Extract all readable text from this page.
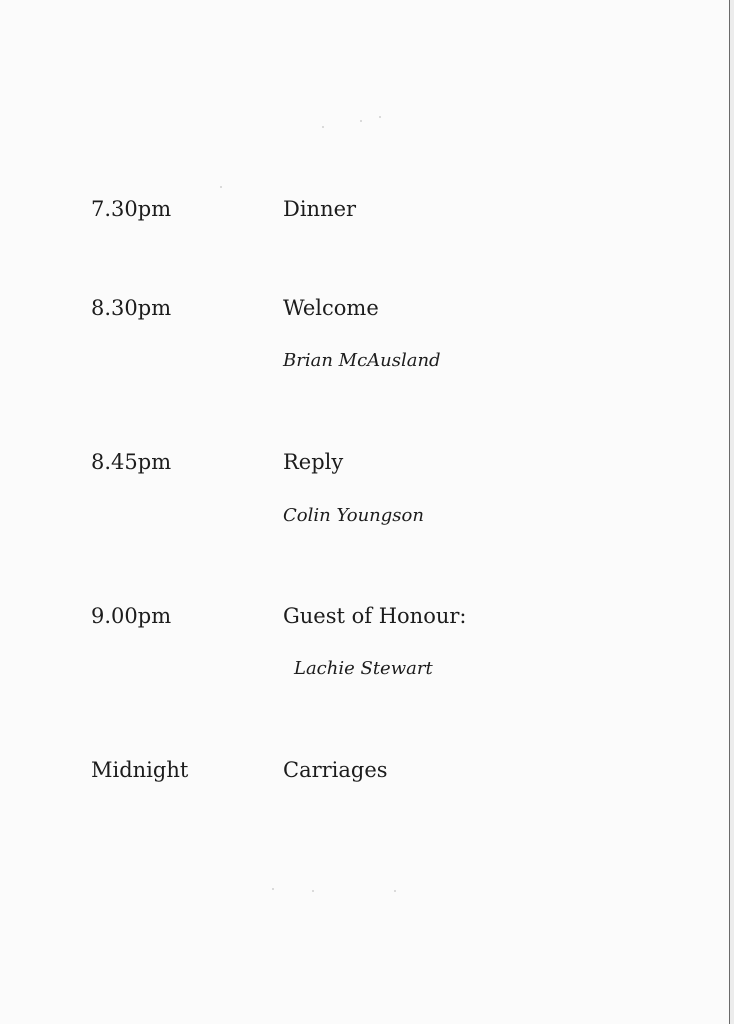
7.30pm	Dinner
8.30pm	Welcome
Brian McAusland
8.45pm	Reply
Colin Youngson
9.00pm	Guest of Honour:
Lachie Stewart
Midnight	Carriages
